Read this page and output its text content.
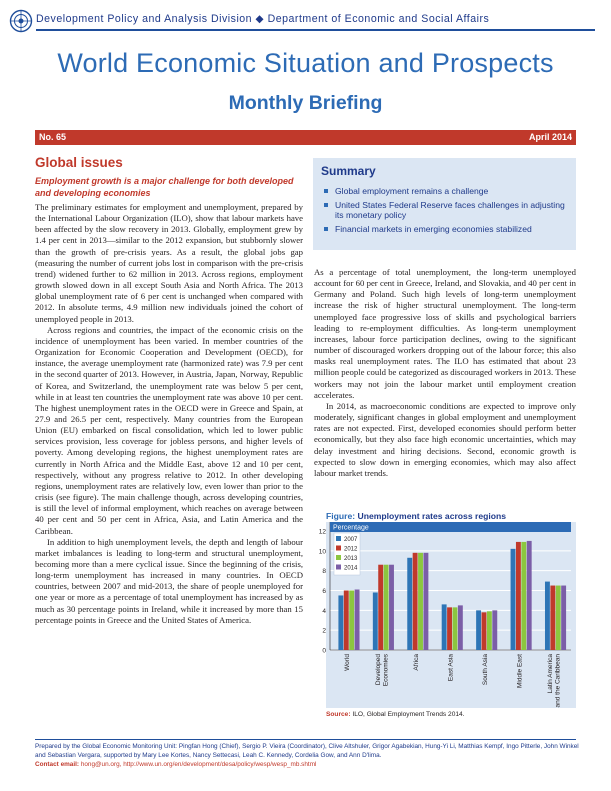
Development Policy and Analysis Division ◆ Department of Economic and Social Affairs
World Economic Situation and Prospects
Monthly Briefing
No. 65	April 2014
Global issues
Employment growth is a major challenge for both developed and developing economies

The preliminary estimates for employment and unemployment, prepared by the International Labour Organization (ILO), show that labour markets have been affected by the slow recovery in 2013. Globally, employment grew by 1.4 per cent in 2013—similar to the 2012 expansion, but stubbornly slower than the growth of pre-crisis years. As a result, the global jobs gap (measuring the number of current jobs lost in comparison with the pre-crisis trend) widened further to 62 million in 2013. Across regions, employment growth slowed down in all except South Asia and North Africa. The 2013 global unemployment rate of 6 per cent is unchanged when compared with 2012. In absolute terms, 4.9 million new individuals joined the cohort of unemployed people in 2013.

Across regions and countries, the impact of the economic crisis on the incidence of unemployment has been varied. In member countries of the Organization for Economic Cooperation and Development (OECD), for instance, the average unemployment rate (harmonized rate) was 7.9 per cent in the second quarter of 2013. However, in Austria, Japan, Norway, Republic of Korea, and Switzerland, the unemployment rate was below 5 per cent, while in at least ten countries the unemployment rate was above 10 per cent. The highest unemployment rates in the OECD were in Greece and Spain, at 27.9 and 26.5 per cent, respectively. Many countries from the European Union (EU) embarked on fiscal consolidation, which led to lower public services provision, less coverage for jobless persons, and higher levels of poverty. Among developing regions, the highest unemployment rates are currently in North Africa and the Middle East, above 12 and 10 per cent, respectively, without any progress relative to 2012. In other developing regions, unemployment rates are relatively low, even lower than prior to the crisis (see figure). The main challenge though, across developing countries, is still the level of informal employment, which reaches on average between 40 per cent and 50 per cent in Africa, Asia, and Latin America and the Caribbean.

In addition to high unemployment levels, the depth and length of labour market imbalances is leading to long-term and structural unemployment, becoming more than a mere cyclical issue. Since the beginning of the crisis, long-term unemployment has increased in many countries. In OECD countries, between 2007 and mid-2013, the share of people unemployed for one year or more as a percentage of total unemployment has increased by as much as 30 percentage points in Ireland, while it increased by more than 15 percentage points in Greece and the United States of America.

Summary
Global employment remains a challenge
United States Federal Reserve faces challenges in adjusting its monetary policy
Financial markets in emerging economies stabilized

As a percentage of total unemployment, the long-term unemployed account for 60 per cent in Greece, Ireland, and Slovakia, and 40 per cent in Germany and Poland. Such high levels of long-term unemployment increase the risk of higher structural unemployment. The long-term unemployed face progressive loss of skills and psychological barriers leading to re-employment difficulties. As long-term unemployment increases, labour force participation declines, owing to the significant number of discouraged workers dropping out of the labour force; this also masks real unemployment rates. The ILO has estimated that about 23 million people could be categorized as discouraged workers in 2013. These workers may not join the labour market until employment creation accelerates.

In 2014, as macroeconomic conditions are expected to improve only moderately, significant changes in global employment and unemployment rates are not expected. First, developed economies should perform better economically, but they also face high economic uncertainties, which may delay investment and hiring decisions. Second, economic growth is expected to slow down in emerging economies, which may also affect labour market trends.

Figure: Unemployment rates across regions
0
2
4
6
8
10
12
Percentage
2007
2012
2013
2014
World	Developed Economies	Africa	East Asia	South Asia	Middle East	Latin America and the Caribbean
Source: ILO, Global Employment Trends 2014.
Prepared by the Global Economic Monitoring Unit: Pingfan Hong (Chief), Sergio P. Vieira (Coordinator), Clive Altshuler, Grigor Agabekian, Hung-Yi Li, Matthias Kempf, Ingo Pitterle, John Winkel and Sebastian Vergara, supported by Mary Lee Kortes, Nancy Settecasi, Leah C. Kennedy, Cordelia Gow, and Ann D'lima.
Contact email: hong@un.org, http://www.un.org/en/development/desa/policy/wesp/wesp_mb.shtml
